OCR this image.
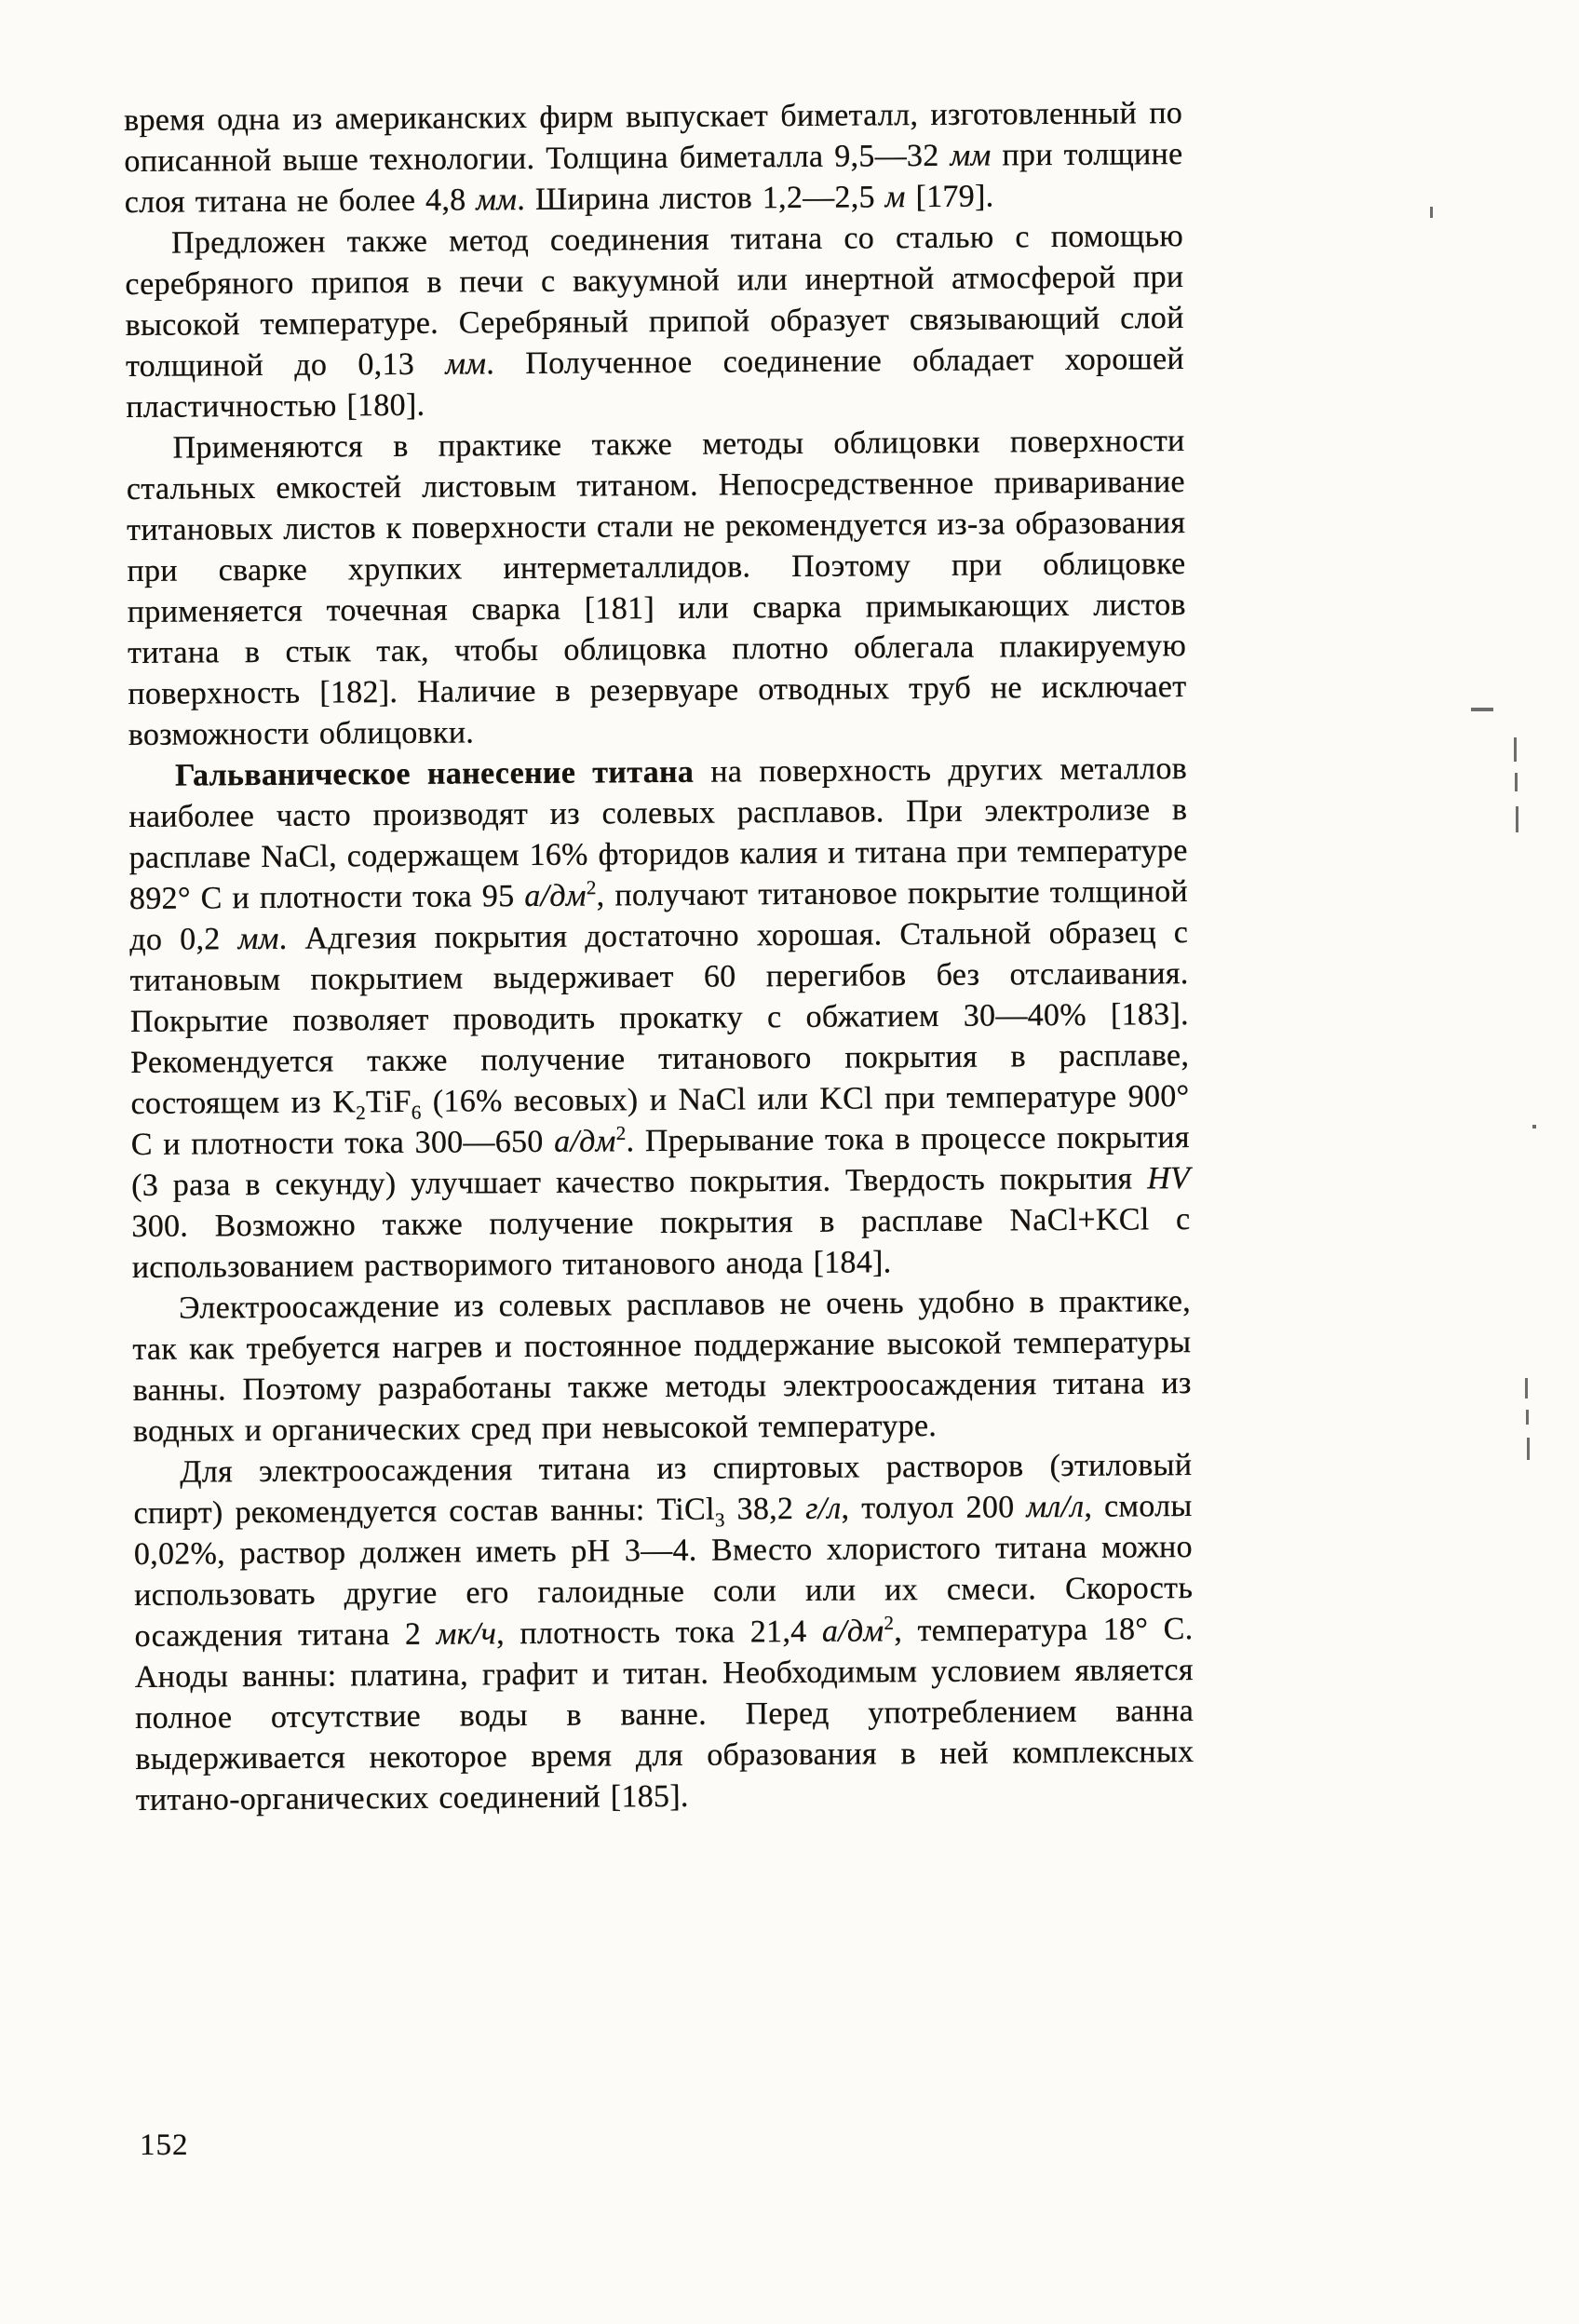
время одна из американских фирм выпускает биметалл, изготовленный по описанной выше технологии. Толщина биметалла 9,5—32 мм при толщине слоя титана не более 4,8 мм. Ширина листов 1,2—2,5 м [179].

Предложен также метод соединения титана со сталью с помощью серебряного припоя в печи с вакуумной или инертной атмосферой при высокой температуре. Серебряный припой образует связывающий слой толщиной до 0,13 мм. Полученное соединение обладает хорошей пластичностью [180].

Применяются в практике также методы облицовки поверхности стальных емкостей листовым титаном. Непосредственное приваривание титановых листов к поверхности стали не рекомендуется из-за образования при сварке хрупких интерметаллидов. Поэтому при облицовке применяется точечная сварка [181] или сварка примыкающих листов титана в стык так, чтобы облицовка плотно облегала плакируемую поверхность [182]. Наличие в резервуаре отводных труб не исключает возможности облицовки.

Гальваническое нанесение титана на поверхность других металлов наиболее часто производят из солевых расплавов. При электролизе в расплаве NaCl, содержащем 16% фторидов калия и титана при температуре 892° С и плотности тока 95 $а/дм^2$, получают титановое покрытие толщиной до 0,2 мм. Адгезия покрытия достаточно хорошая. Стальной образец с титановым покрытием выдерживает 60 перегибов без отслаивания. Покрытие позволяет проводить прокатку с обжатием 30—40% [183]. Рекомендуется также получение титанового покрытия в расплаве, состоящем из $K_2TiF_6$ (16% весовых) и NaCl или KCl при температуре 900° С и плотности тока 300—650 $а/дм^2$. Прерывание тока в процессе покрытия (3 раза в секунду) улучшает качество покрытия. Твердость покрытия HV 300. Возможно также получение покрытия в расплаве NaCl+KCl с использованием растворимого титанового анода [184].

Электроосаждение из солевых расплавов не очень удобно в практике, так как требуется нагрев и постоянное поддержание высокой температуры ванны. Поэтому разработаны также методы электроосаждения титана из водных и органических сред при невысокой температуре.

Для электроосаждения титана из спиртовых растворов (этиловый спирт) рекомендуется состав ванны: TiCl$_3$ 38,2 г/л, толуол 200 мл/л, смолы 0,02%, раствор должен иметь pH 3—4. Вместо хлористого титана можно использовать другие его галоидные соли или их смеси. Скорость осаждения титана 2 мк/ч, плотность тока 21,4 $а/дм^2$, температура 18° С. Аноды ванны: платина, графит и титан. Необходимым условием является полное отсутствие воды в ванне. Перед употреблением ванна выдерживается некоторое время для образования в ней комплексных титано-органических соединений [185].

152
